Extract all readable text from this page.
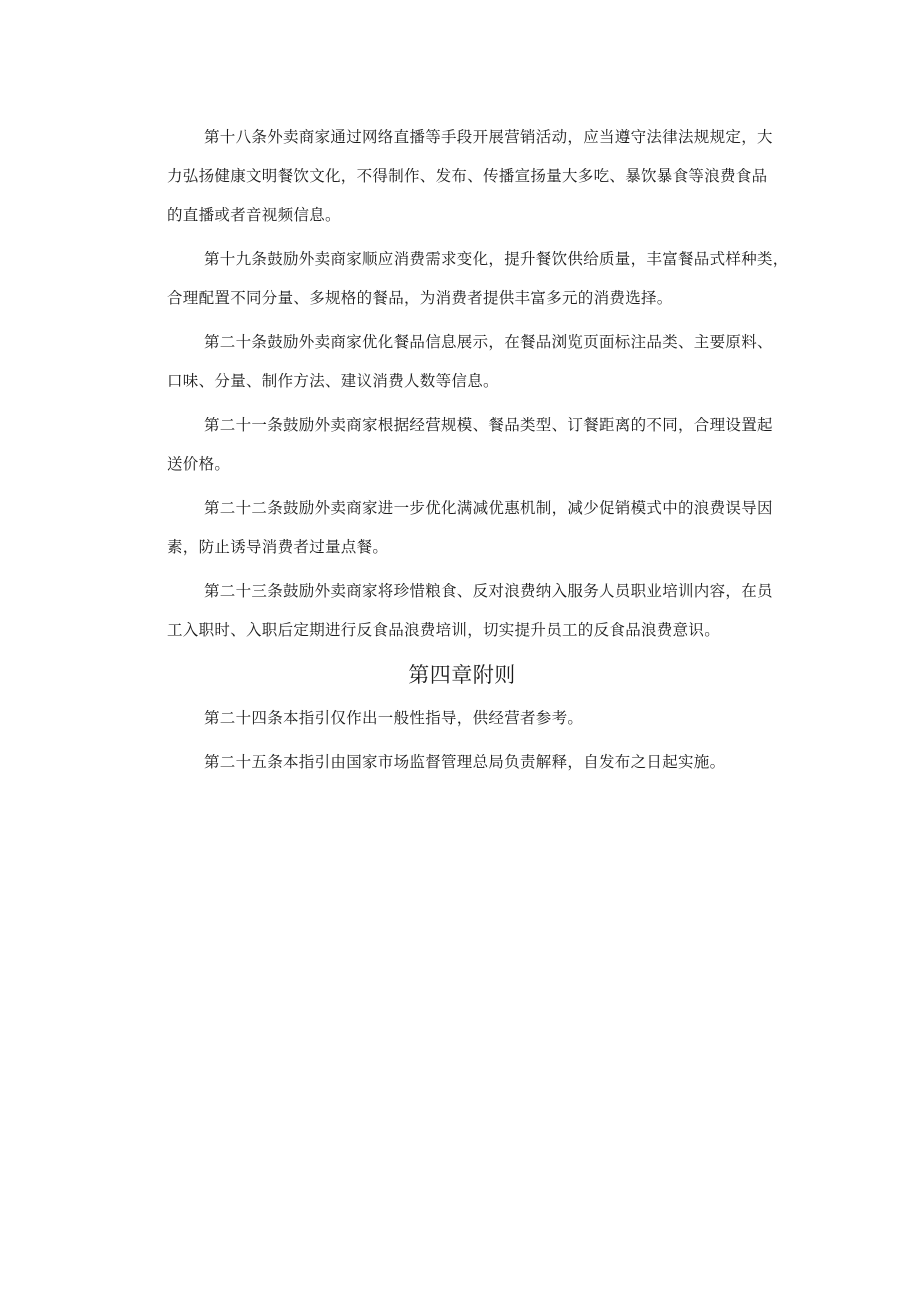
第十八条外卖商家通过网络直播等手段开展营销活动，应当遵守法律法规规定，大
力弘扬健康文明餐饮文化，不得制作、发布、传播宣扬量大多吃、暴饮暴食等浪费食品
的直播或者音视频信息。

第十九条鼓励外卖商家顺应消费需求变化，提升餐饮供给质量，丰富餐品式样种类，
合理配置不同分量、多规格的餐品，为消费者提供丰富多元的消费选择。

第二十条鼓励外卖商家优化餐品信息展示，在餐品浏览页面标注品类、主要原料、
口味、分量、制作方法、建议消费人数等信息。

第二十一条鼓励外卖商家根据经营规模、餐品类型、订餐距离的不同，合理设置起
送价格。

第二十二条鼓励外卖商家进一步优化满减优惠机制，减少促销模式中的浪费误导因
素，防止诱导消费者过量点餐。

第二十三条鼓励外卖商家将珍惜粮食、反对浪费纳入服务人员职业培训内容，在员
工入职时、入职后定期进行反食品浪费培训，切实提升员工的反食品浪费意识。

第四章附则

第二十四条本指引仅作出一般性指导，供经营者参考。

第二十五条本指引由国家市场监督管理总局负责解释，自发布之日起实施。
